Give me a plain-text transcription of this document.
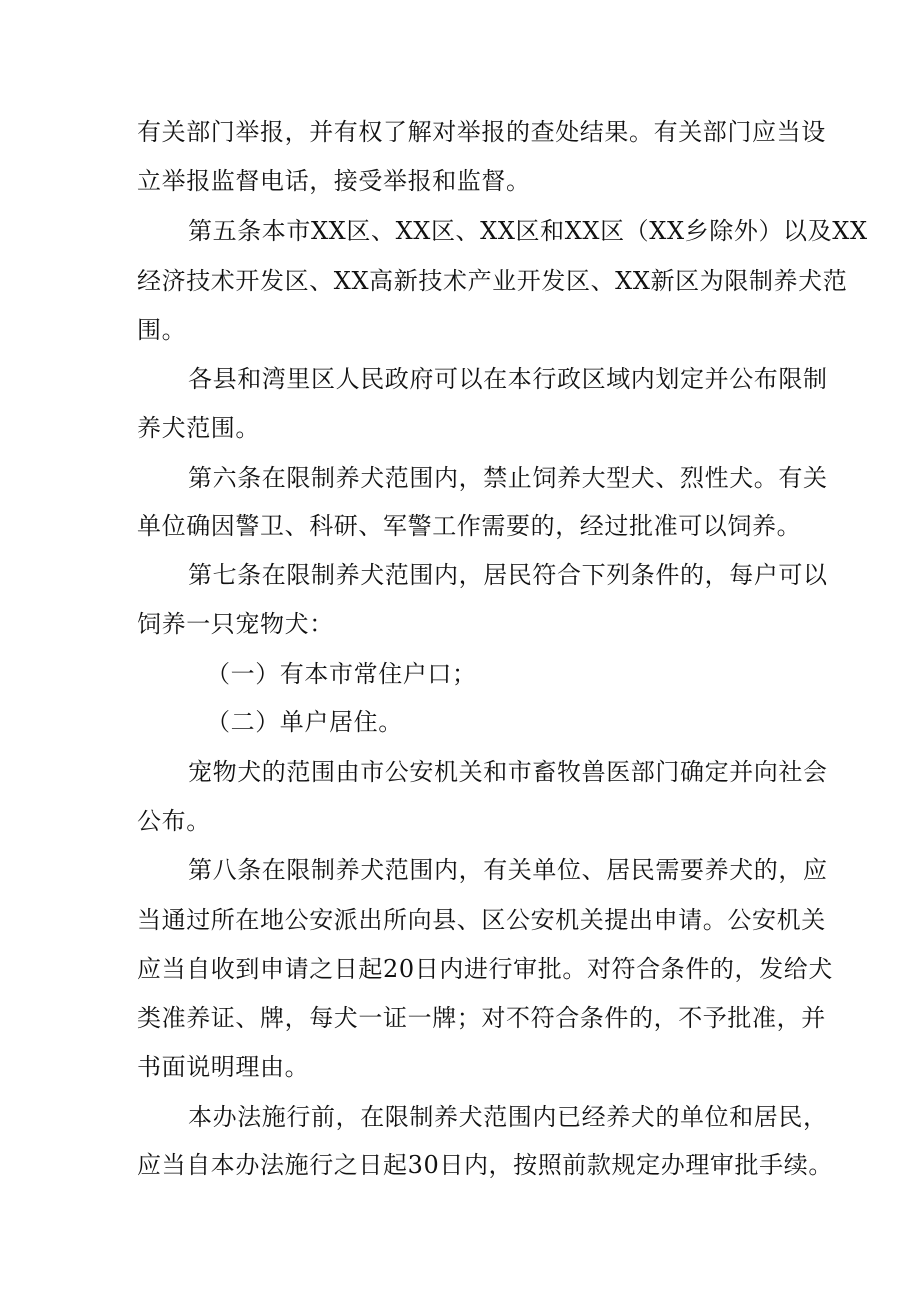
有关部门举报，并有权了解对举报的查处结果。有关部门应当设
立举报监督电话，接受举报和监督。
第五条本市XX区、XX区、XX区和XX区（XX乡除外）以及XX
经济技术开发区、XX高新技术产业开发区、XX新区为限制养犬范
围。
各县和湾里区人民政府可以在本行政区域内划定并公布限制
养犬范围。
第六条在限制养犬范围内，禁止饲养大型犬、烈性犬。有关
单位确因警卫、科研、军警工作需要的，经过批准可以饲养。
第七条在限制养犬范围内，居民符合下列条件的，每户可以
饲养一只宠物犬：
（一）有本市常住户口；
（二）单户居住。
宠物犬的范围由市公安机关和市畜牧兽医部门确定并向社会
公布。
第八条在限制养犬范围内，有关单位、居民需要养犬的，应
当通过所在地公安派出所向县、区公安机关提出申请。公安机关
应当自收到申请之日起20日内进行审批。对符合条件的，发给犬
类准养证、牌，每犬一证一牌；对不符合条件的，不予批准，并
书面说明理由。
本办法施行前，在限制养犬范围内已经养犬的单位和居民，
应当自本办法施行之日起30日内，按照前款规定办理审批手续。
